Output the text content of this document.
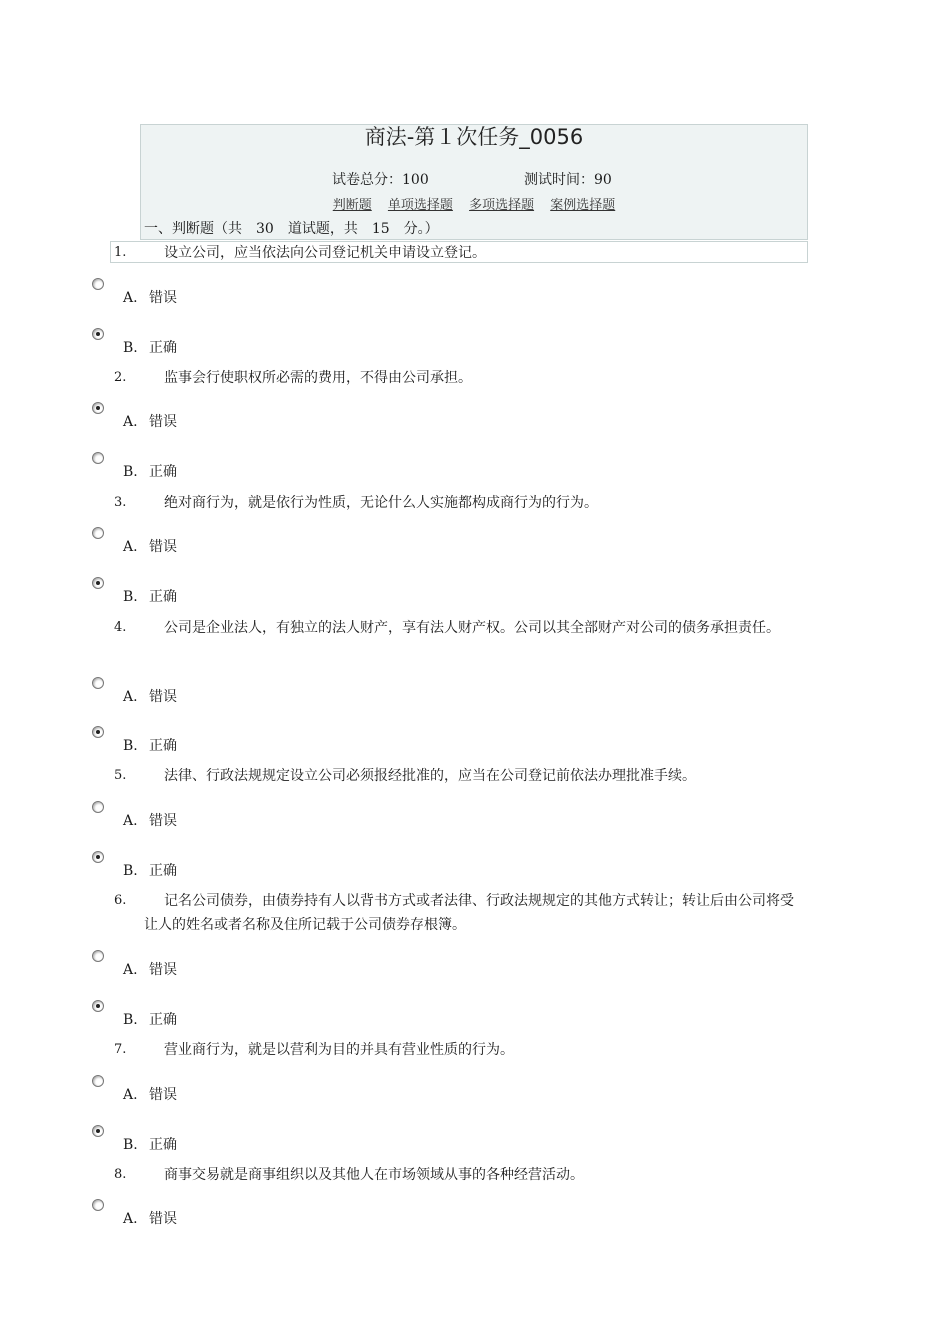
商法-第１次任务_0056
试卷总分：100	测试时间：90
判断题 单项选择题 多项选择题 案例选择题
一、判断题（共　30　道试题，共　15　分。）
1.	设立公司，应当依法向公司登记机关申请设立登记。
A. 错误
B. 正确
2.	监事会行使职权所必需的费用，不得由公司承担。
A. 错误
B. 正确
3.	绝对商行为，就是依行为性质，无论什么人实施都构成商行为的行为。
A. 错误
B. 正确
4.	公司是企业法人，有独立的法人财产，享有法人财产权。公司以其全部财产对公司的债务承担责任。
A. 错误
B. 正确
5.	法律、行政法规规定设立公司必须报经批准的，应当在公司登记前依法办理批准手续。
A. 错误
B. 正确
6.	记名公司债券，由债券持有人以背书方式或者法律、行政法规规定的其他方式转让；转让后由公司将受让人的姓名或者名称及住所记载于公司债券存根簿。
A. 错误
B. 正确
7.	营业商行为，就是以营利为目的并具有营业性质的行为。
A. 错误
B. 正确
8.	商事交易就是商事组织以及其他人在市场领域从事的各种经营活动。
A. 错误
